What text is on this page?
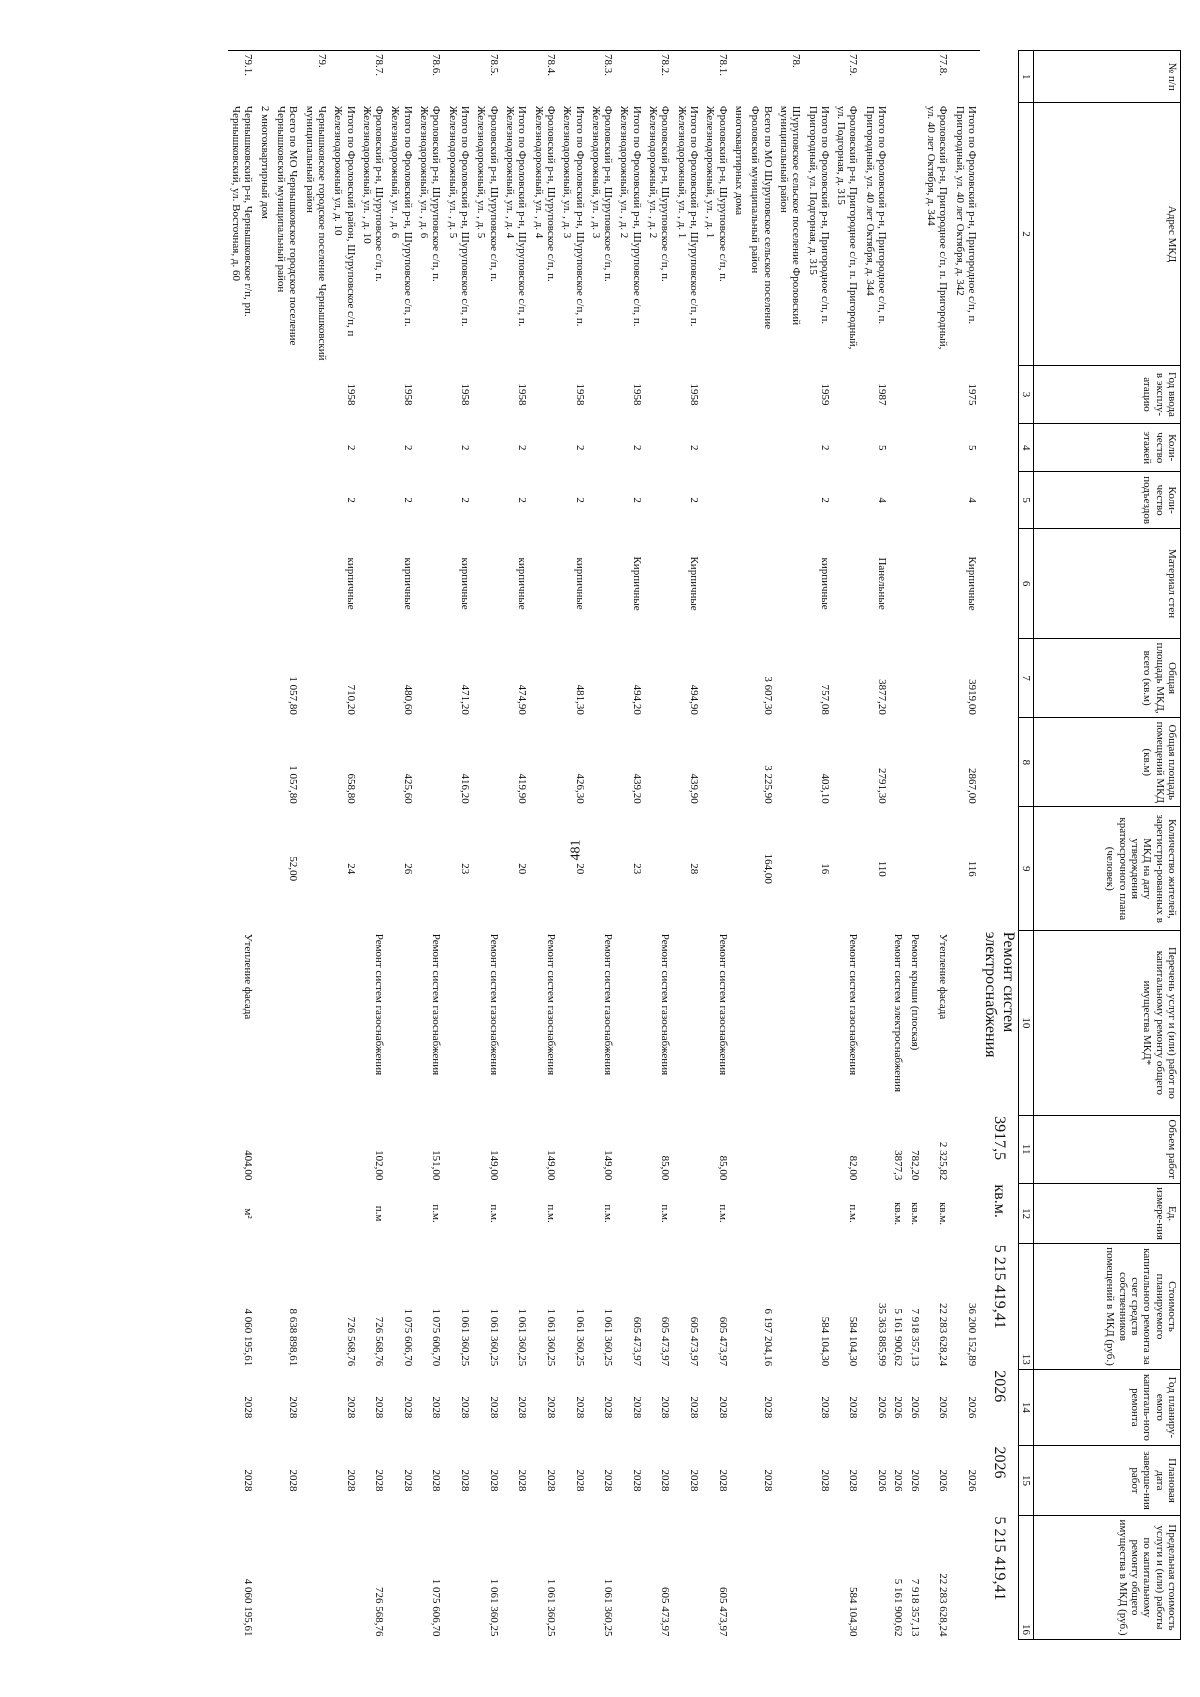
481
№ п/п	Адрес МКД	Год ввода в эксплу-атацию	Коли-чество этажей	Коли-чество подъездов	Материал стен	Общая площадь МКД, всего (кв.м)	Общая площадь помещений МКД (кв.м)	Количество жителей, зарегистри-рованных в МКД на дату утверждения краткосрочного плана (человек)	Перечень услуг и (или) работ по капитальному ремонту общего имущества МКД*	Объем работ	Ед. измере-ния	Стоимость планируемого капитального ремонта за счет средств собственников помещений в МКД (руб.)	Год планиру-емого капиталь-ного ремонта	Плановая дата заверше-ния работ	Предельная стоимость услуги и (или) работы по капитальному ремонту общего имущества в МКД (руб.)
1	2	3	4	5	6	7	8	9	10	11	12	13	14	15	16
									Ремонт систем электроснабжения	3917,5	кв.м.	5 215 419,41	2026	2026	5 215 419,41
	Итого по Фроловский р-н, Пригородное с/п, п. Пригородный, ул. 40 лет Октября, д. 342	1975	5	4	Кирпичные	3919,00	2867,00	116				36 200 152,89	2026	2026	
77.8.	Фроловский р-н, Пригородное с/п, п. Пригородный, ул. 40 лет Октября, д. 344								Утепление фасада	2 325,82	кв.м.	22 283 628,24	2026	2026	22 283 628,24
									Ремонт крыши (плоская)	782,20	кв.м.	7 918 357,13	2026	2026	7 918 357,13
									Ремонт систем электроснабжения	3877,3	кв.м.	5 161 900,62	2026	2026	5 161 900,62
	Итого по Фроловский р-н, Пригородное с/п, п. Пригородный, ул. 40 лет Октября, д. 344	1987	5	4	Панельные	3877,20	2791,30	110				35 363 885,99	2026	2026	
77.9.	Фроловский р-н, Пригородное с/п, п. Пригородный, ул. Подгорная, д. 315								Ремонт систем газоснабжения	82,00	п.м.	584 104,30	2028	2028	584 104,30
	Итого по Фроловский р-н, Пригородное с/п, п. Пригородный, ул. Подгорная, д. 315	1959	2	2	кирпичные	757,08	403,10	16				584 104,30	2028	2028	
78.	Шуруповское сельское поселение Фроловский муниципальный район														
	Всего по МО Шуруповское сельское поселение Фроловский муниципальный район					3 607,30	3 225,90	164,00				6 197 204,16	2028	2028	
	многоквартирных дома														
78.1.	Фроловский р-н, Шуруповское с/п, п. Железнодорожный, ул. , д. 1								Ремонт систем газоснабжения	85,00	п.м.	605 473,97	2028	2028	605 473,97
	Итого по Фроловский р-н, Шуруповское с/п, п. Железнодорожный, ул. , д. 1	1958	2	2	Кирпичные	494,90	439,90	28				605 473,97	2028	2028	
78.2.	Фроловский р-н, Шуруповское с/п, п. Железнодорожный, ул. , д. 2								Ремонт систем газоснабжения	85,00	п.м.	605 473,97	2028	2028	605 473,97
	Итого по Фроловский р-н, Шуруповское с/п, п. Железнодорожный, ул. , д. 2	1958	2	2	Кирпичные	494,20	439,20	23				605 473,97	2028	2028	
78.3.	Фроловский р-н, Шуруповское с/п, п. Железнодорожный, ул. , д. 3								Ремонт систем газоснабжения	149,00	п.м.	1 061 360,25	2028	2028	1 061 360,25
	Итого по Фроловский р-н, Шуруповское с/п, п. Железнодорожный, ул. , д. 3	1958	2	2	кирпичные	481,30	426,30	20				1 061 360,25	2028	2028	
78.4.	Фроловский р-н, Шуруповское с/п, п. Железнодорожный, ул. , д. 4								Ремонт систем газоснабжения	149,00	п.м.	1 061 360,25	2028	2028	1 061 360,25
	Итого по Фроловский р-н, Шуруповское с/п, п. Железнодорожный, ул. , д. 4	1958	2	2	кирпичные	474,90	419,90	20				1 061 360,25	2028	2028	
78.5.	Фроловский р-н, Шуруповское с/п, п. Железнодорожный, ул. , д. 5								Ремонт систем газоснабжения	149,00	п.м.	1 061 360,25	2028	2028	1 061 360,25
	Итого по Фроловский р-н, Шуруповское с/п, п. Железнодорожный, ул. , д. 5	1958	2	2	кирпичные	471,20	416,20	23				1 061 360,25	2028	2028	
78.6.	Фроловский р-н, Шуруповское с/п, п. Железнодорожный, ул. , д. 6								Ремонт систем газоснабжения	151,00	п.м.	1 075 606,70	2028	2028	1 075 606,70
	Итого по Фроловский р-н, Шуруповское с/п, п. Железнодорожный, ул. , д. 6	1958	2	2	кирпичные	480,60	425,60	26				1 075 606,70	2028	2028	
78.7.	Фроловский р-н, Шуруповское с/п, п. Железнодорожный, ул. , д. 10								Ремонт систем газоснабжения	102,00	п.м	726 568,76	2028	2028	726 568,76
	Итого по Фроловский район, Шуруповское с/п, п Железнодорожный ул, д. 10	1958	2	2	кирпичные	710,20	658,80	24				726 568,76	2028	2028	
79.	Чернышковское городское поселение Чернышковский муниципальный район														
	Всего по МО Чернышковское городское поселение Чернышковский муниципальный район					1 057,80	1 057,80	52,00				8 638 898,61	2028	2028	
	2 многоквартирный дом														
79.1.	Чернышковский р-н, Чернышковское г/п, рп. Чернышковский, ул. Восточная, д. 60								Утепление фасада	404,00	м²	4 060 195,61	2028	2028	4 060 195,61
